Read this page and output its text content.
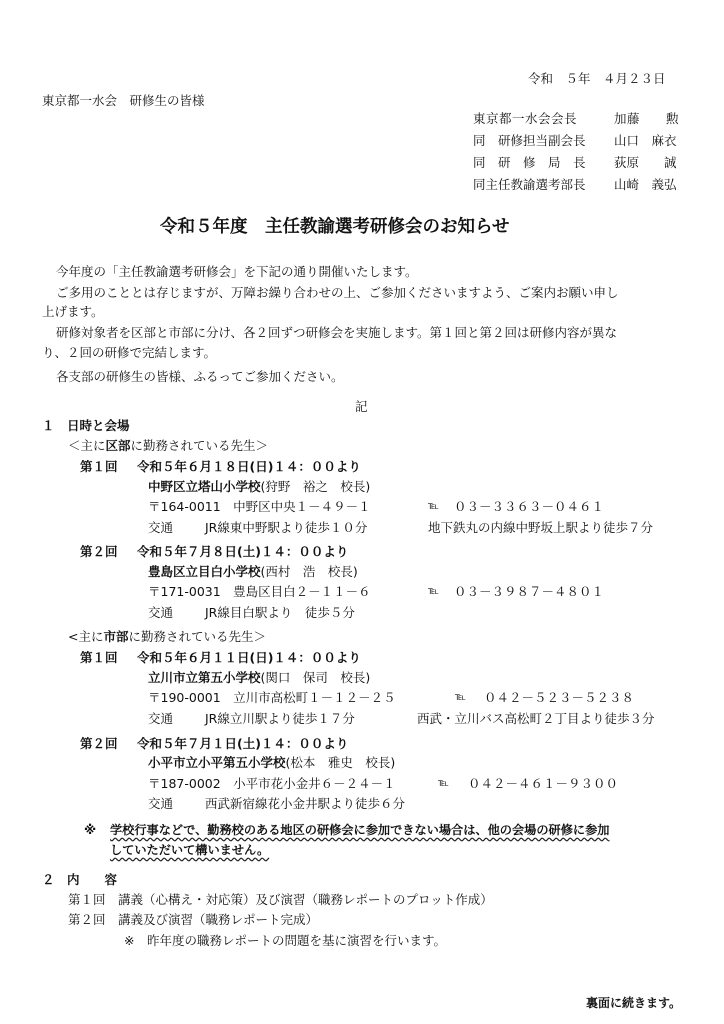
令和　５年　４月２３日
東京都一水会　研修生の皆様
東京都一水会会長	加藤　　勲
同　研修担当副会長 山口　麻衣
同　研　修　局　長 荻原　　誠
同主任教諭選考部長 山崎　義弘
令和５年度　主任教諭選考研修会のお知らせ
今年度の「主任教諭選考研修会」を下記の通り開催いたします。
ご多用のこととは存じますが、万障お繰り合わせの上、ご参加くださいますよう、ご案内お願い申し
上げます。
研修対象者を区部と市部に分け、各２回ずつ研修会を実施します。第１回と第２回は研修内容が異な
り、２回の研修で完結します。
各支部の研修生の皆様、ふるってご参加ください。
記
１　日時と会場
＜主に区部に勤務されている先生＞
第１回 令和５年６月１８日(日)１４：００より
中野区立塔山小学校(狩野　裕之　校長)
〒164-0011　中野区中央１－４９－１	℡ ０３－３３６３－０４６１
交通	JR線東中野駅より徒歩１０分	地下鉄丸の内線中野坂上駅より徒歩７分
第２回 令和５年７月８日(土)１４：００より
豊島区立目白小学校(西村　浩　校長)
〒171-0031　豊島区目白２－１１－６	℡ ０３－３９８７－４８０１
交通	JR線目白駅より　徒歩５分
<主に市部に勤務されている先生＞
第１回 令和５年６月１１日(日)１４：００より
立川市立第五小学校(関口　保司　校長)
〒190-0001　立川市高松町１－１２－２５	℡ ０４２－５２３－５２３８
交通	JR線立川駅より徒歩１７分	西武・立川バス高松町２丁目より徒歩３分
第２回 令和５年７月１日(土)１４：００より
小平市立小平第五小学校(松本　雅史　校長)
〒187-0002　小平市花小金井６－２４－１	℡ ０４２－４６１－９３００
交通	西武新宿線花小金井駅より徒歩６分
※ 学校行事などで、勤務校のある地区の研修会に参加できない場合は、他の会場の研修に参加
していただいて構いません。
２　内　　容
第１回　講義（心構え・対応策）及び演習（職務レポートのプロット作成）
第２回　講義及び演習（職務レポート完成）
※　昨年度の職務レポートの問題を基に演習を行います。
裏面に続きます。
